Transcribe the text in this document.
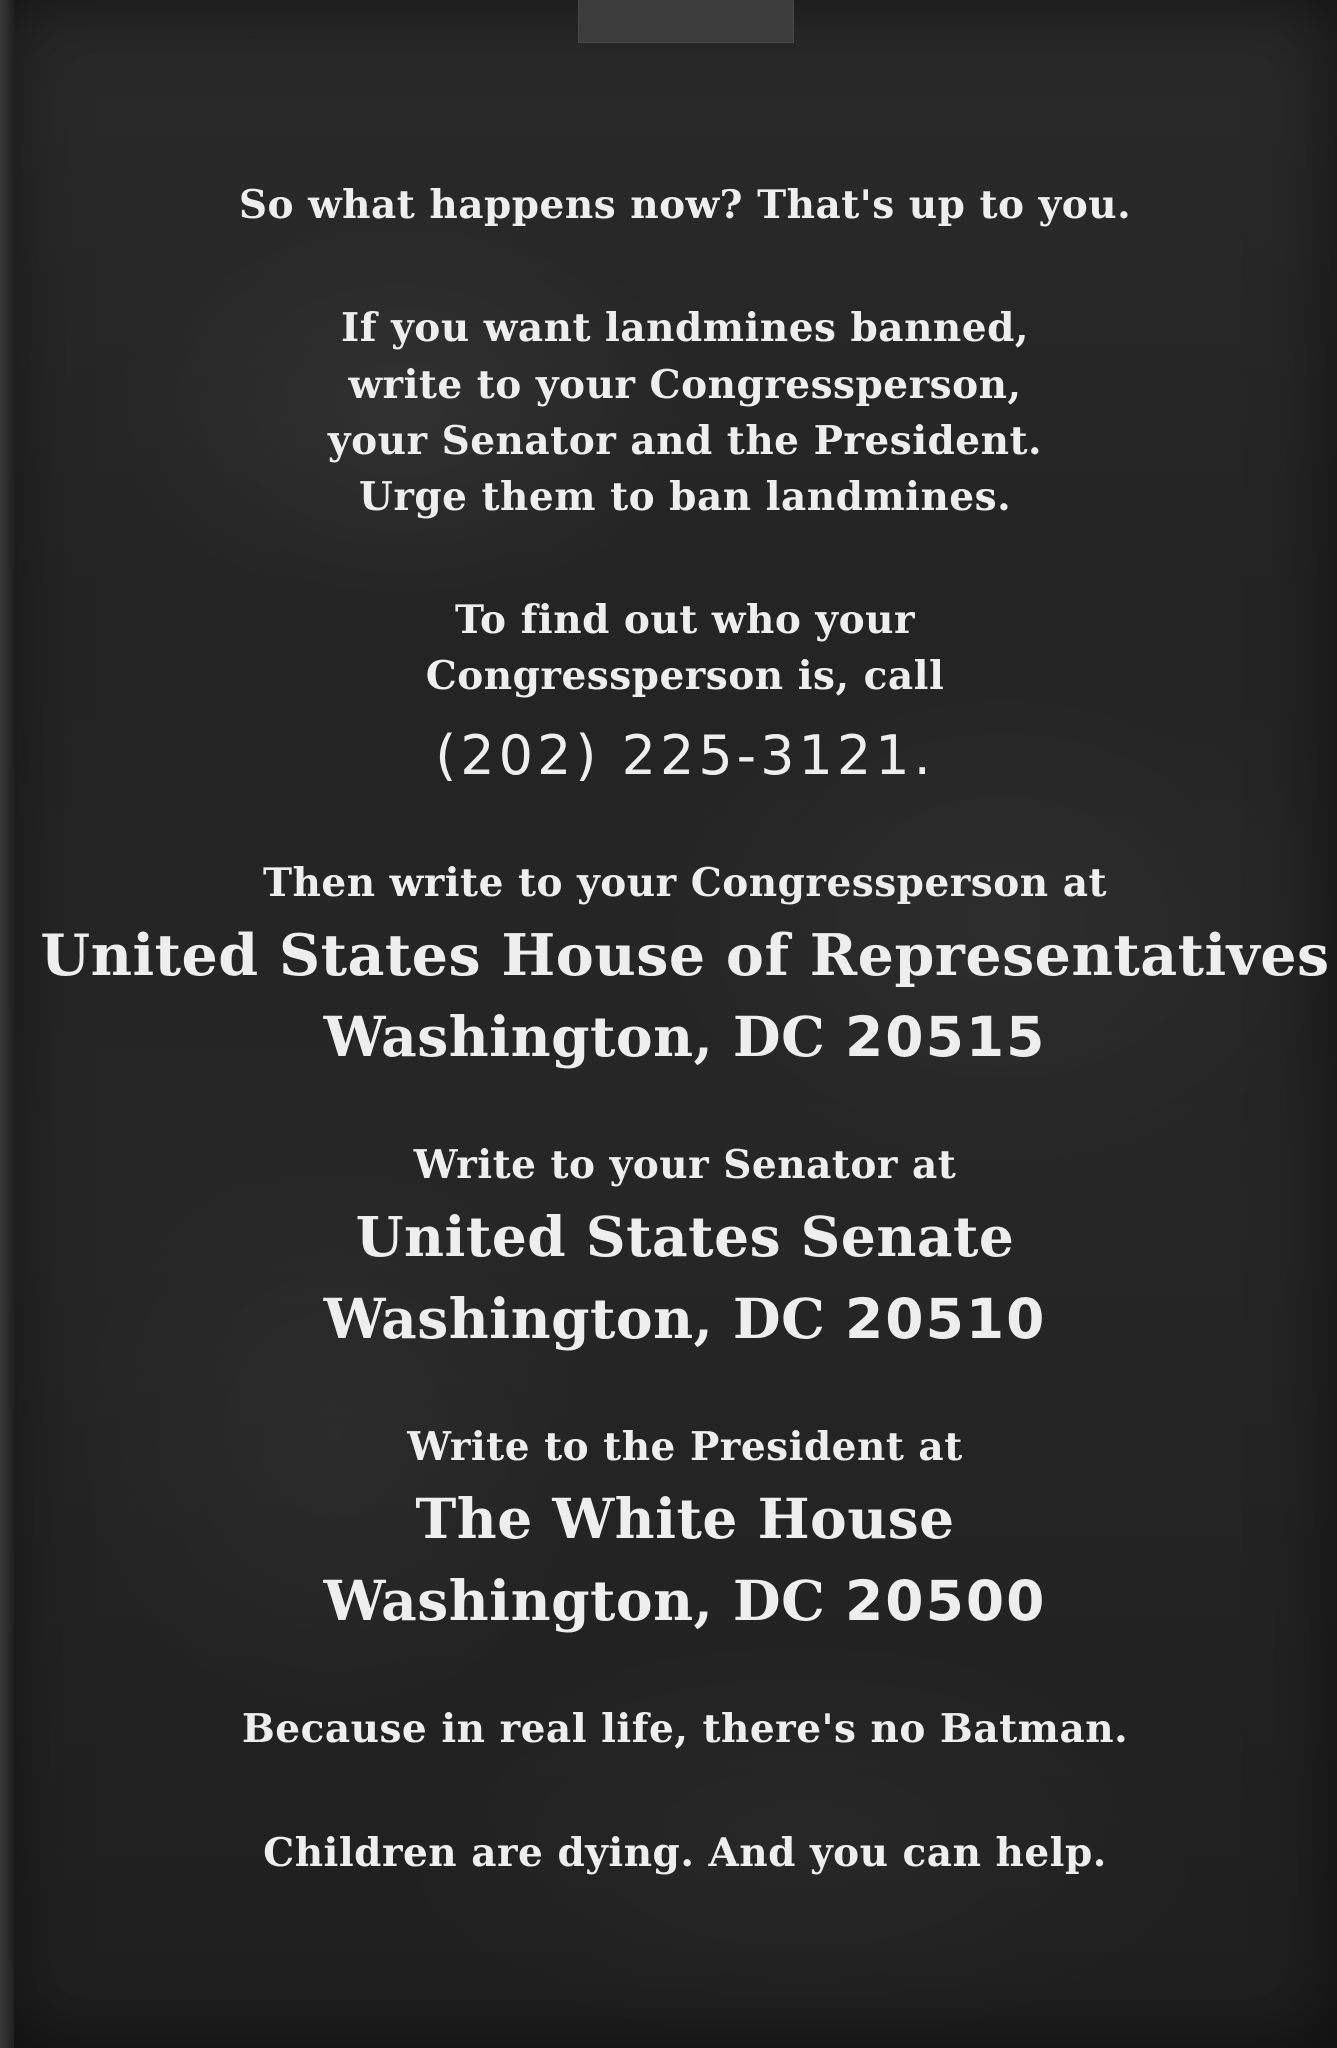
So what happens now? That's up to you.
If you want landmines banned,
write to your Congressperson,
your Senator and the President.
Urge them to ban landmines.
To find out who your
Congressperson is, call
(202) 225-3121.
Then write to your Congressperson at
United States House of Representatives
Washington, DC 20515
Write to your Senator at
United States Senate
Washington, DC 20510
Write to the President at
The White House
Washington, DC 20500
Because in real life, there's no Batman.
Children are dying. And you can help.
